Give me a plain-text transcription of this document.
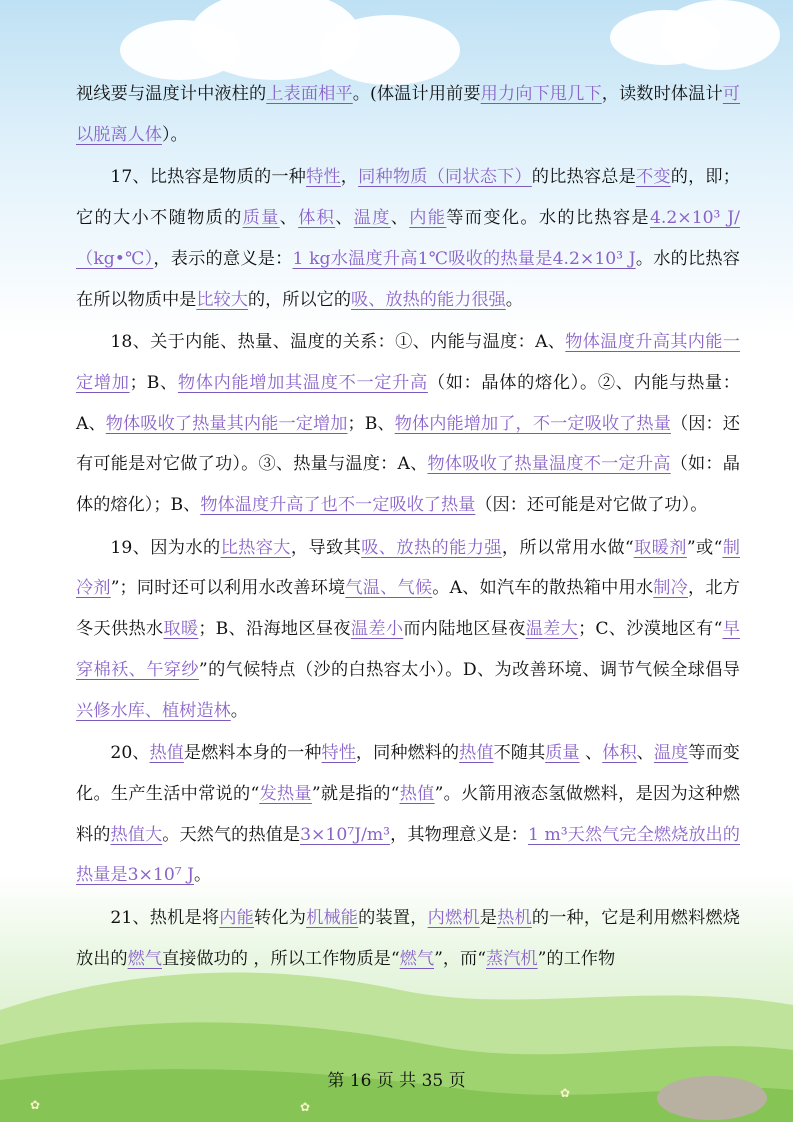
✿
✿
✿

视线要与温度计中液柱的上表面相平。(体温计用前要用力向下甩几下，读数时体温计可以脱离人体）。

17、比热容是物质的一种特性，同种物质（同状态下）的比热容总是不变的，即；它的大小不随物质的质量、体积、温度、内能等而变化。水的比热容是4.2×10³ J/（kg•℃），表示的意义是：1 kg水温度升高1℃吸收的热量是4.2×10³ J。水的比热容在所以物质中是比较大的，所以它的吸、放热的能力很强。

18、关于内能、热量、温度的关系：①、内能与温度：A、物体温度升高其内能一定增加；B、物体内能增加其温度不一定升高（如：晶体的熔化）。②、内能与热量：A、物体吸收了热量其内能一定增加；B、物体内能增加了，不一定吸收了热量（因：还有可能是对它做了功）。③、热量与温度：A、物体吸收了热量温度不一定升高（如：晶体的熔化）；B、物体温度升高了也不一定吸收了热量（因：还可能是对它做了功）。

19、因为水的比热容大，导致其吸、放热的能力强，所以常用水做“取暖剂”或“制冷剂”；同时还可以利用水改善环境气温、气候。A、如汽车的散热箱中用水制冷，北方冬天供热水取暖；B、沿海地区昼夜温差小而内陆地区昼夜温差大；C、沙漠地区有“早穿棉袄、午穿纱”的气候特点（沙的白热容太小）。D、为改善环境、调节气候全球倡导兴修水库、植树造林。

20、热值是燃料本身的一种特性，同种燃料的热值不随其质量 、体积、温度等而变化。生产生活中常说的“发热量”就是指的“热值”。火箭用液态氢做燃料，是因为这种燃料的热值大。天然气的热值是3×10⁷J/m³，其物理意义是：1 m³天然气完全燃烧放出的热量是3×10⁷ J。

21、热机是将内能转化为机械能的装置，内燃机是热机的一种，它是利用燃料燃烧放出的燃气直接做功的 ，所以工作物质是“燃气”，而“蒸汽机”的工作物

第 16 页 共 35 页
